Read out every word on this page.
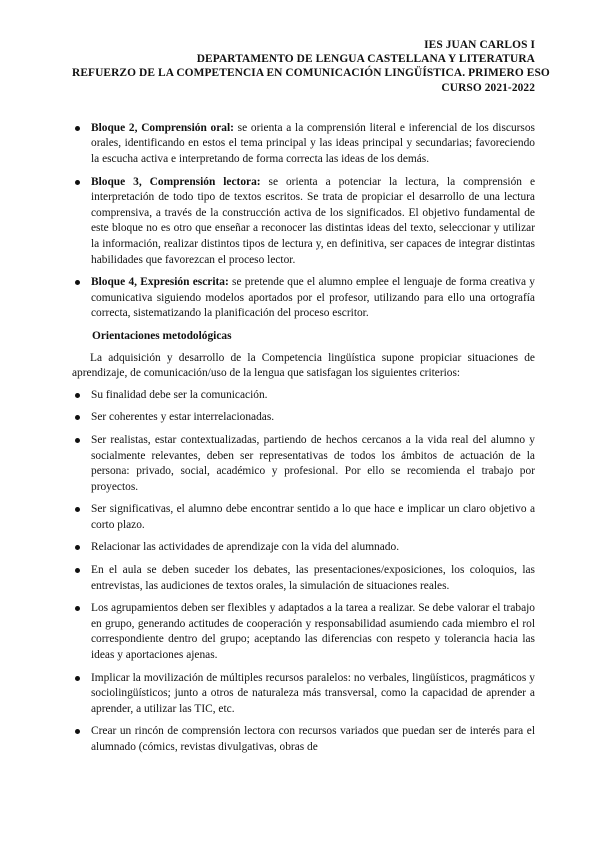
IES JUAN CARLOS I
DEPARTAMENTO DE LENGUA CASTELLANA Y LITERATURA
REFUERZO DE LA COMPETENCIA EN COMUNICACIÓN LINGÜÍSTICA. PRIMERO ESO
CURSO 2021-2022
Bloque 2, Comprensión oral: se orienta a la comprensión literal e inferencial de los discursos orales, identificando en estos el tema principal y las ideas principal y secundarias; favoreciendo la escucha activa e interpretando de forma correcta las ideas de los demás.
Bloque 3, Comprensión lectora: se orienta a potenciar la lectura, la comprensión e interpretación de todo tipo de textos escritos. Se trata de propiciar el desarrollo de una lectura comprensiva, a través de la construcción activa de los significados. El objetivo fundamental de este bloque no es otro que enseñar a reconocer las distintas ideas del texto, seleccionar y utilizar la información, realizar distintos tipos de lectura y, en definitiva, ser capaces de integrar distintas habilidades que favorezcan el proceso lector.
Bloque 4, Expresión escrita: se pretende que el alumno emplee el lenguaje de forma creativa y comunicativa siguiendo modelos aportados por el profesor, utilizando para ello una ortografía correcta, sistematizando la planificación del proceso escritor.
Orientaciones metodológicas

La adquisición y desarrollo de la Competencia lingüística supone propiciar situaciones de aprendizaje, de comunicación/uso de la lengua que satisfagan los siguientes criterios:

Su finalidad debe ser la comunicación.
Ser coherentes y estar interrelacionadas.
Ser realistas, estar contextualizadas, partiendo de hechos cercanos a la vida real del alumno y socialmente relevantes, deben ser representativas de todos los ámbitos de actuación de la persona: privado, social, académico y profesional. Por ello se recomienda el trabajo por proyectos.
Ser significativas, el alumno debe encontrar sentido a lo que hace e implicar un claro objetivo a corto plazo.
Relacionar las actividades de aprendizaje con la vida del alumnado.
En el aula se deben suceder los debates, las presentaciones/exposiciones, los coloquios, las entrevistas, las audiciones de textos orales, la simulación de situaciones reales.
Los agrupamientos deben ser flexibles y adaptados a la tarea a realizar. Se debe valorar el trabajo en grupo, generando actitudes de cooperación y responsabilidad asumiendo cada miembro el rol correspondiente dentro del grupo; aceptando las diferencias con respeto y tolerancia hacia las ideas y aportaciones ajenas.
Implicar la movilización de múltiples recursos paralelos: no verbales, lingüísticos, pragmáticos y sociolingüísticos; junto a otros de naturaleza más transversal, como la capacidad de aprender a aprender, a utilizar las TIC, etc.
Crear un rincón de comprensión lectora con recursos variados que puedan ser de interés para el alumnado (cómics, revistas divulgativas, obras de
